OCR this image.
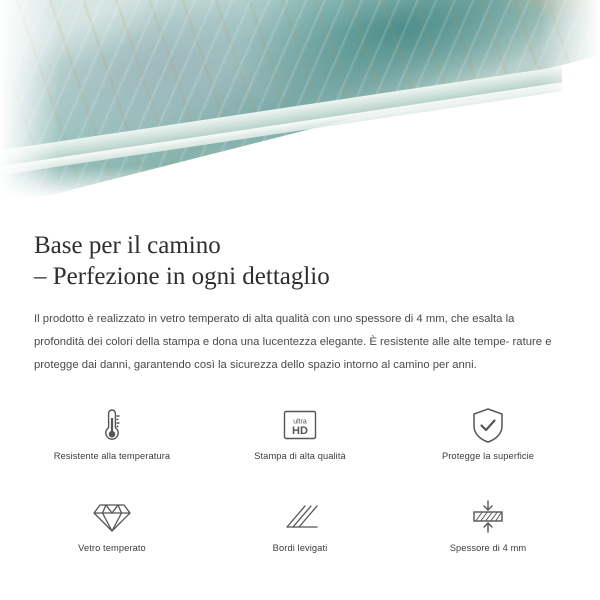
Base per il camino
– Perfezione in ogni dettaglio
Il prodotto è realizzato in vetro temperato di alta qualità con uno spessore di 4 mm, che esalta la profondità dei colori della stampa e dona una lucentezza elegante. È resistente alle alte tempe- rature e protegge dai danni, garantendo così la sicurezza dello spazio intorno al camino per anni.
Resistente alla temperatura
ultra
HD
Stampa di alta qualità	Protegge la superficie
Vetro temperato	Bordi levigati	Spessore di 4 mm
